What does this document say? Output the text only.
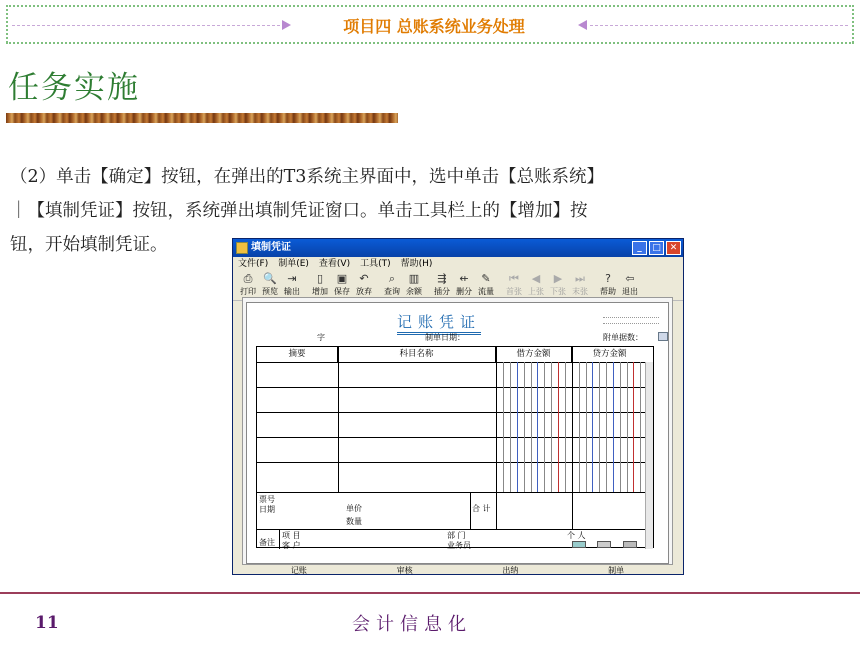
项目四 总账系统业务处理
任务实施

（2）单击【确定】按钮，在弹出的T3系统主界面中，选中单击【总账系统】

｜【填制凭证】按钮，系统弹出填制凭证窗口。单击工具栏上的【增加】按

钮，开始填制凭证。	填制凭证	_	□ ✕
文件(F) 制单(E) 查看(V) 工具(T) 帮助(H)
⎙
打印
🔍
预览
⇥
输出
▯
增加
▣
保存
↶
放弃
⌕
查询
▥
余额
⇶
插分
⇷
删分
✎
流量
⏮
首张
◀
上张
▶
下张
⏭
末张
?
帮助
⇦
退出
记账凭证
字	制单日期：	附单据数：
摘要	科目名称	借方金额	贷方金额
票号
日期	单价
数量
合 计
备注
项 目
客 户
部 门
业务员
个 人
记账	审核	出纳	制单
11	会计信息化
